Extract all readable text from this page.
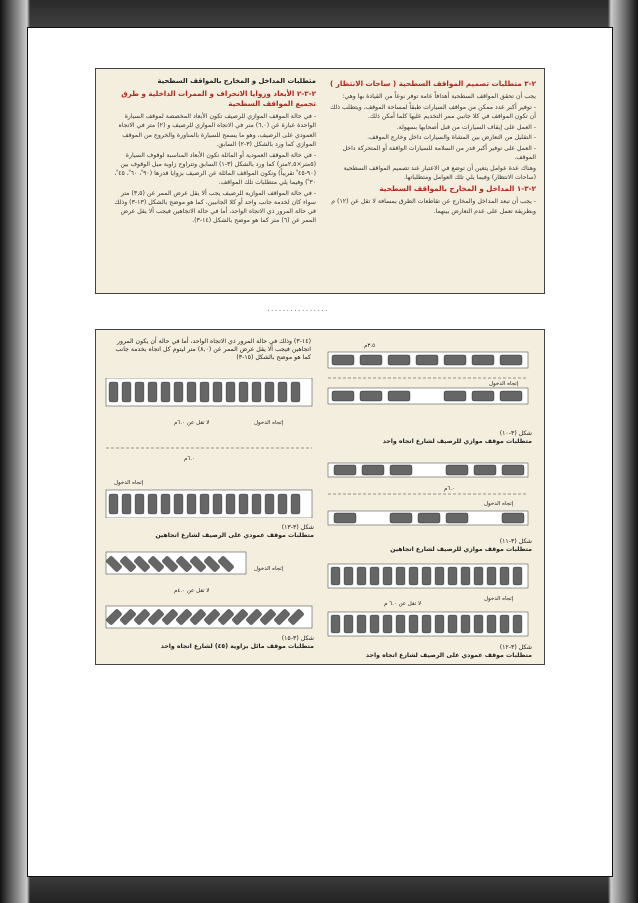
٢-٣ متطلبات تصميم المواقف السطحية ( ساحات الانتظار )

يجب أن تحقق المواقف السطحية أهدافاً عامة توفر نوعاً من القيادة بها وهي:

- توفير أكبر عدد ممكن من مواقف السيارات طبقاً لمساحة الموقف، ويتطلب ذلك أن تكون المواقف في كلا جانبي ممر التخديم عليها كلما أمكن ذلك.

- العمل على إيقاف السيارات من قبل أصحابها بسهولة.

- التقليل من التعارض بين المشاة والسيارات داخل وخارج الموقف.

- العمل على توفير أكبر قدر من السلامة للسيارات الواقفة أو المتحركة داخل الموقف.

وهناك عدة عوامل يتعين أن توضع في الاعتبار عند تصميم المواقف السطحية (ساحات الانتظار) وفيما يلي تلك العوامل ومتطلباتها.

٢-٣-١ المداخل و المخارج بالمواقف السطحية

- يجب أن تبعد المداخل والمخارج عن تقاطعات الطرق بمسافة لا تقل عن (١٢) م وبطريقة تعمل على عدم التعارض بينهما.

متطلبات المداخل و المخارج بالمواقف السطحية
٢-٣-٢ الأبعاد وزوايا الانحراف و الممرات الداخلية و طرق تجميع المواقف السطحية

- في حالة الموقف الموازي للرصيف تكون الأبعاد المخصصة لموقف السيارة الواحدة عبارة عن (٦,٠) متر في الاتجاه الموازي للرصيف و (٢) متر في الاتجاه العمودي على الرصيف، وهو ما يسمح للسيارة بالمناورة والخروج من الموقف الموازي كما ورد بالشكل (٣-٢) السابق.

- في حالة الموقف العمودية أو المائلة تكون الأبعاد المناسبة لوقوف السيارة (٥متر×٢,٥متر) كما ورد بالشكل (٣-١) السابق وتتراوح زاوية ميل الوقوف بين (٩٠-٤٥ ْ تقريباً) وتكون المواقف المائلة عن الرصيف بزوايا قدرها (٩٠ ْ، ٦٠ ْ، ٤٥ ْ، ٣٠ ْ) وفيما يلي متطلبات تلك المواقف.

- في حالة المواقف الموازية للرصيف يجب ألا يقل عرض الممر عن (٣,٥) متر سواء كان لخدمة جانب واحد أو كلا الجانبين، كما هو موضح بالشكل (١٣-٣) وذلك في حالة المرور ذي الاتجاه الواحد، أما في حالة الاتجاهين فيجب ألا يقل عرض الممر عن (٦) متر كما هو موضح بالشكل (١٤-٣).

................
(١٤-٣) وذلك في حالة المرور ذي الاتجاه الواحد، أما في حالة أن يكون المرور اتجاهين فيجب ألا يقل عرض الممر عن (٨,٠) متر ليتوم كل اتجاه بخدمة جانب كما هو موضح بالشكل (١٥-٣)
٣.٥م
إتجاه الدخول
شكل (٣-١٠)
متطلبات موقف موازي للرصيف لشارع اتجاه واحد
٦.٠م
إتجاه الدخول
شكل (٣-١١)
متطلبات موقف موازي للرصيف لشارع اتجاهين
لا تقل عن ٦.٠ م
إتجاه الدخول
شكل (٣-١٢)
متطلبات موقف عمودي على الرصيف لشارع اتجاه واحد
لا تقل عن ٦.٠م
٦.٠م
إتجاه الدخول
إتجاه الدخول
شكل (٣-١٣)
متطلبات موقف عمودي على الرصيف لشارع اتجاهين
لا تقل عن ٤.٠م
إتجاه الدخول
شكل (٣-١٥)
متطلبات موقف مائل بزاوية (٤٥) لشارع اتجاه واحد
